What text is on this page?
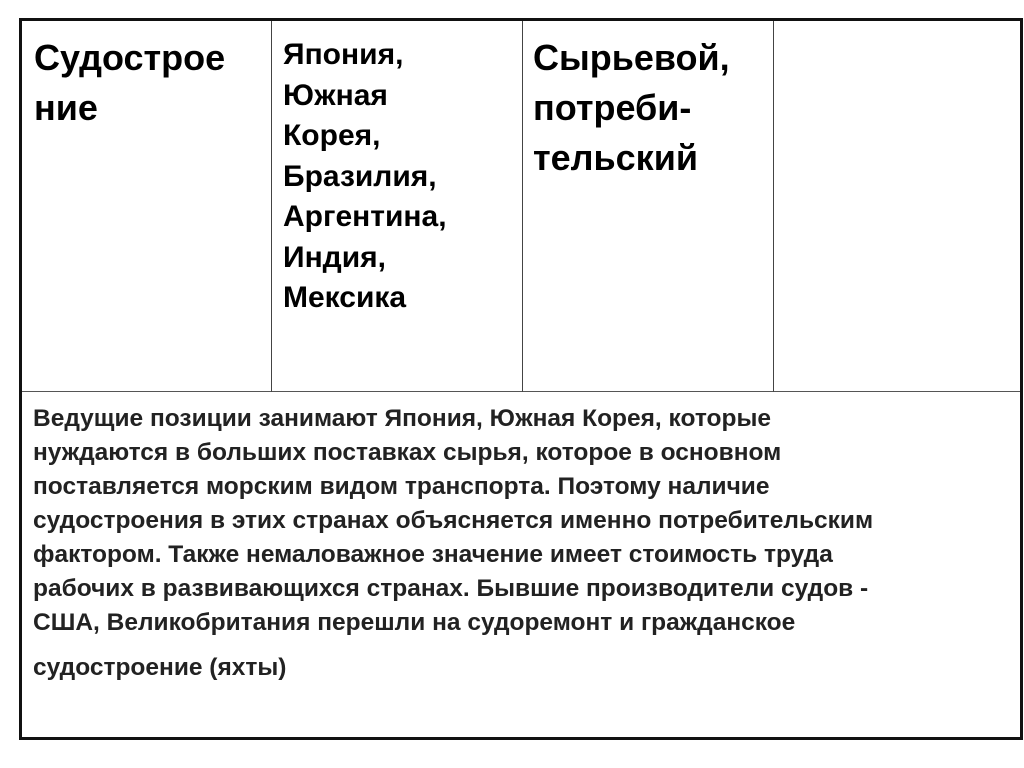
Судострое
ние

Япония,
Южная
Корея,
Бразилия,
Аргентина,
Индия,
Мексика

Сырьевой,
потреби-
тельский

Ведущие позиции занимают Япония, Южная Корея, которые
нуждаются в больших поставках сырья, которое в основном
поставляется морским видом транспорта. Поэтому наличие
судостроения в этих странах объясняется именно потребительским
фактором. Также немаловажное значение имеет стоимость труда
рабочих в развивающихся странах. Бывшие производители судов -
США, Великобритания перешли на судоремонт и гражданское
судостроение (яхты)
